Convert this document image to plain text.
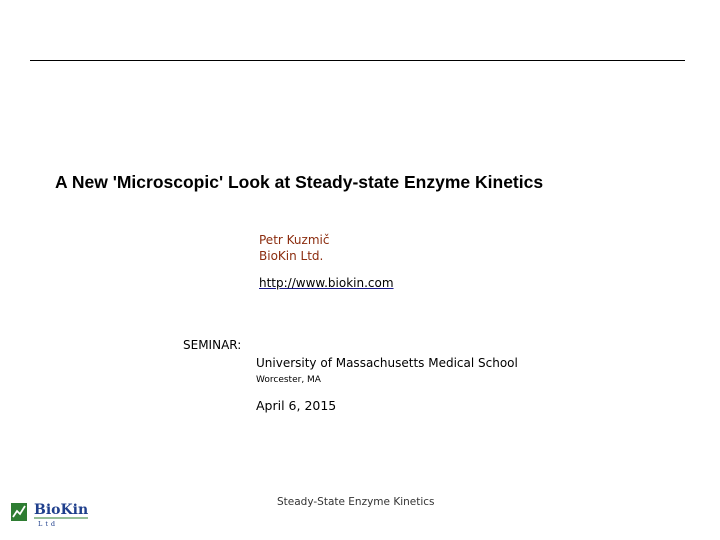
A New 'Microscopic' Look at Steady-state Enzyme Kinetics
Petr Kuzmič
BioKin Ltd.
http://www.biokin.com
SEMINAR:
University of Massachusetts Medical School
Worcester, MA
April 6, 2015
Steady-State Enzyme Kinetics
BioKin
Ltd
